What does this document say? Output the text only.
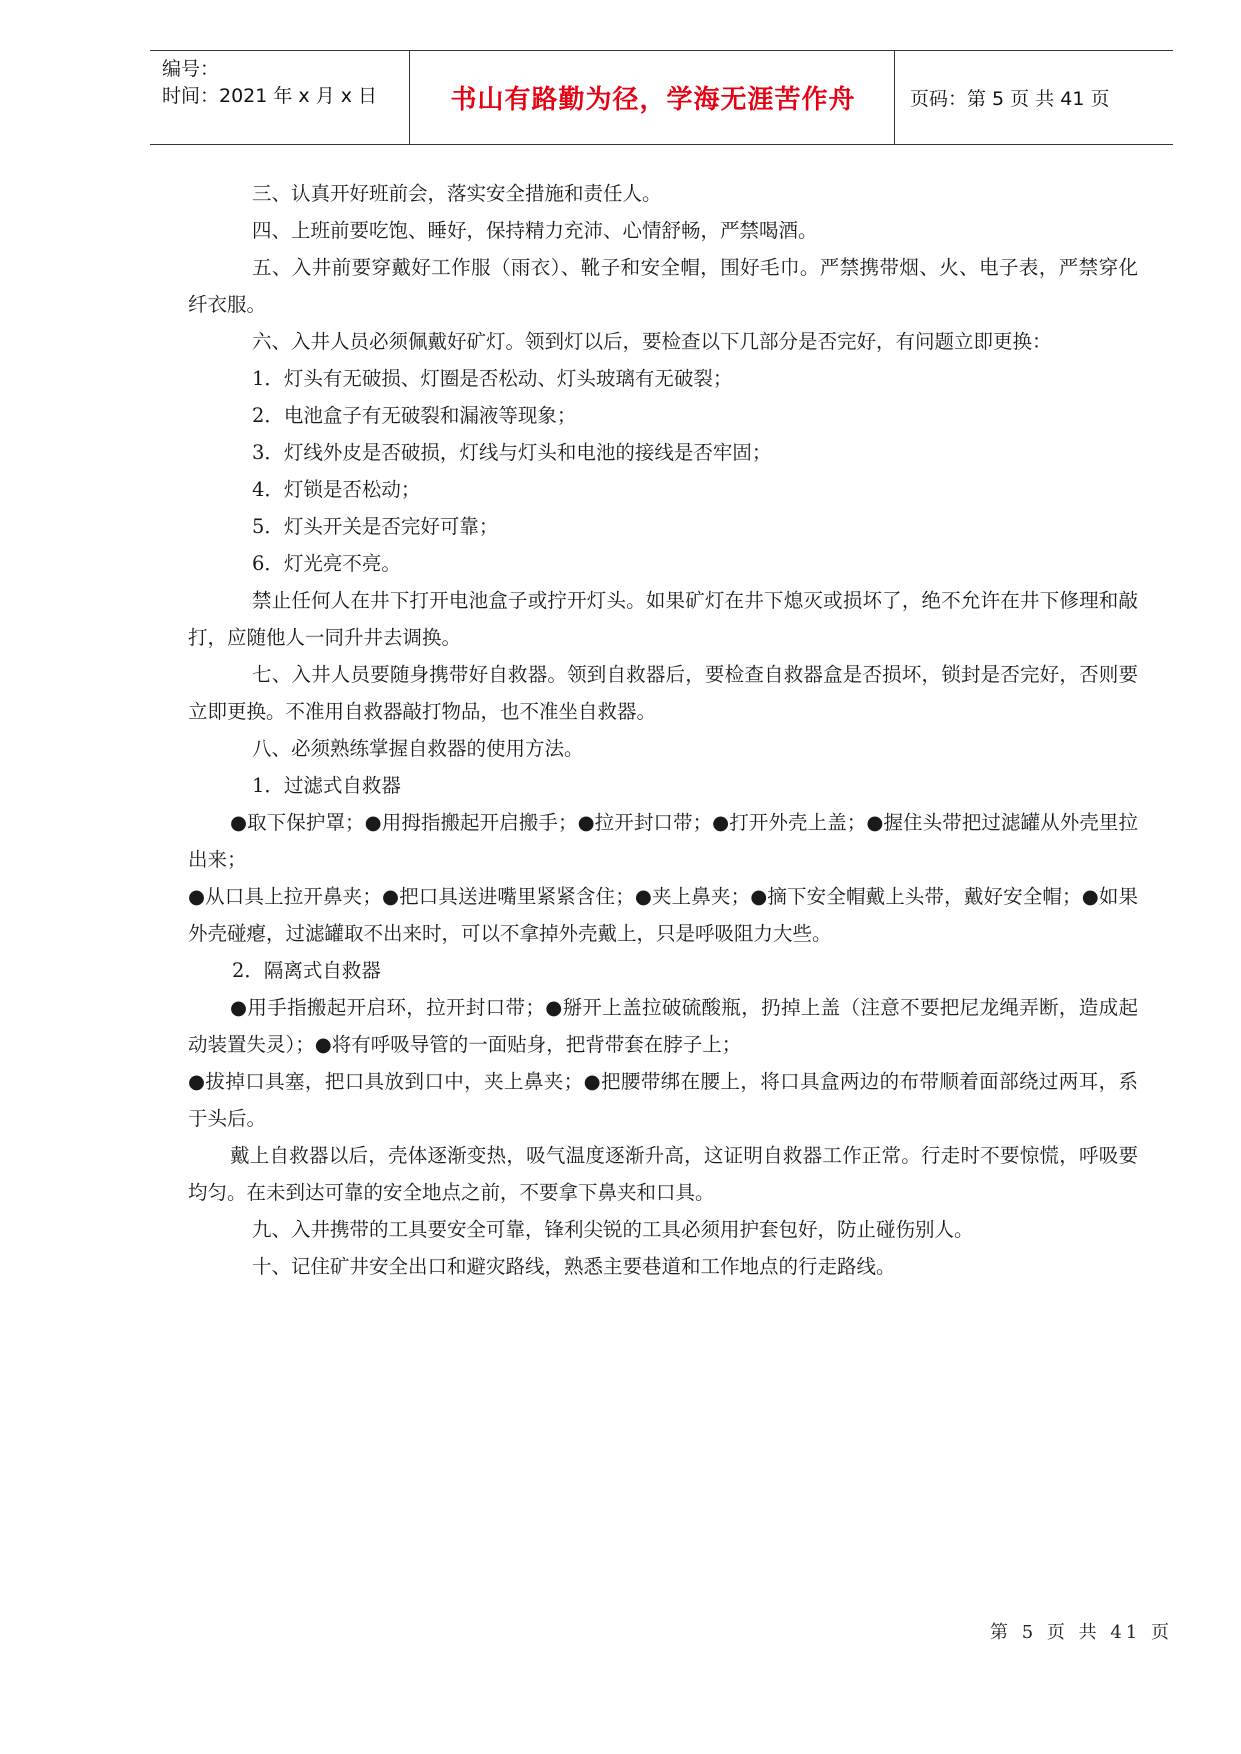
编号：
时间：2021 年 x 月 x 日	书山有路勤为径，学海无涯苦作舟	页码：第 5 页 共 41 页

三、认真开好班前会，落实安全措施和责任人。

四、上班前要吃饱、睡好，保持精力充沛、心情舒畅，严禁喝酒。

五、入井前要穿戴好工作服（雨衣）、靴子和安全帽，围好毛巾。严禁携带烟、火、电子表，严禁穿化纤衣服。

六、入井人员必须佩戴好矿灯。领到灯以后，要检查以下几部分是否完好，有问题立即更换：

1．灯头有无破损、灯圈是否松动、灯头玻璃有无破裂；

2．电池盒子有无破裂和漏液等现象；

3．灯线外皮是否破损，灯线与灯头和电池的接线是否牢固；

4．灯锁是否松动；

5．灯头开关是否完好可靠；

6．灯光亮不亮。

禁止任何人在井下打开电池盒子或拧开灯头。如果矿灯在井下熄灭或损坏了，绝不允许在井下修理和敲打，应随他人一同升井去调换。

七、入井人员要随身携带好自救器。领到自救器后，要检查自救器盒是否损坏，锁封是否完好，否则要立即更换。不准用自救器敲打物品，也不准坐自救器。

八、必须熟练掌握自救器的使用方法。

1．过滤式自救器

●取下保护罩；●用拇指搬起开启搬手；●拉开封口带；●打开外壳上盖；●握住头带把过滤罐从外壳里拉出来；

●从口具上拉开鼻夹；●把口具送进嘴里紧紧含住；●夹上鼻夹；●摘下安全帽戴上头带，戴好安全帽；●如果外壳碰瘪，过滤罐取不出来时，可以不拿掉外壳戴上，只是呼吸阻力大些。

2．隔离式自救器

●用手指搬起开启环，拉开封口带；●掰开上盖拉破硫酸瓶，扔掉上盖（注意不要把尼龙绳弄断，造成起动装置失灵）；●将有呼吸导管的一面贴身，把背带套在脖子上；

●拔掉口具塞，把口具放到口中，夹上鼻夹；●把腰带绑在腰上，将口具盒两边的布带顺着面部绕过两耳，系于头后。

戴上自救器以后，壳体逐渐变热，吸气温度逐渐升高，这证明自救器工作正常。行走时不要惊慌，呼吸要均匀。在未到达可靠的安全地点之前，不要拿下鼻夹和口具。

九、入井携带的工具要安全可靠，锋利尖锐的工具必须用护套包好，防止碰伤别人。

十、记住矿井安全出口和避灾路线，熟悉主要巷道和工作地点的行走路线。

第 5 页 共 41 页
